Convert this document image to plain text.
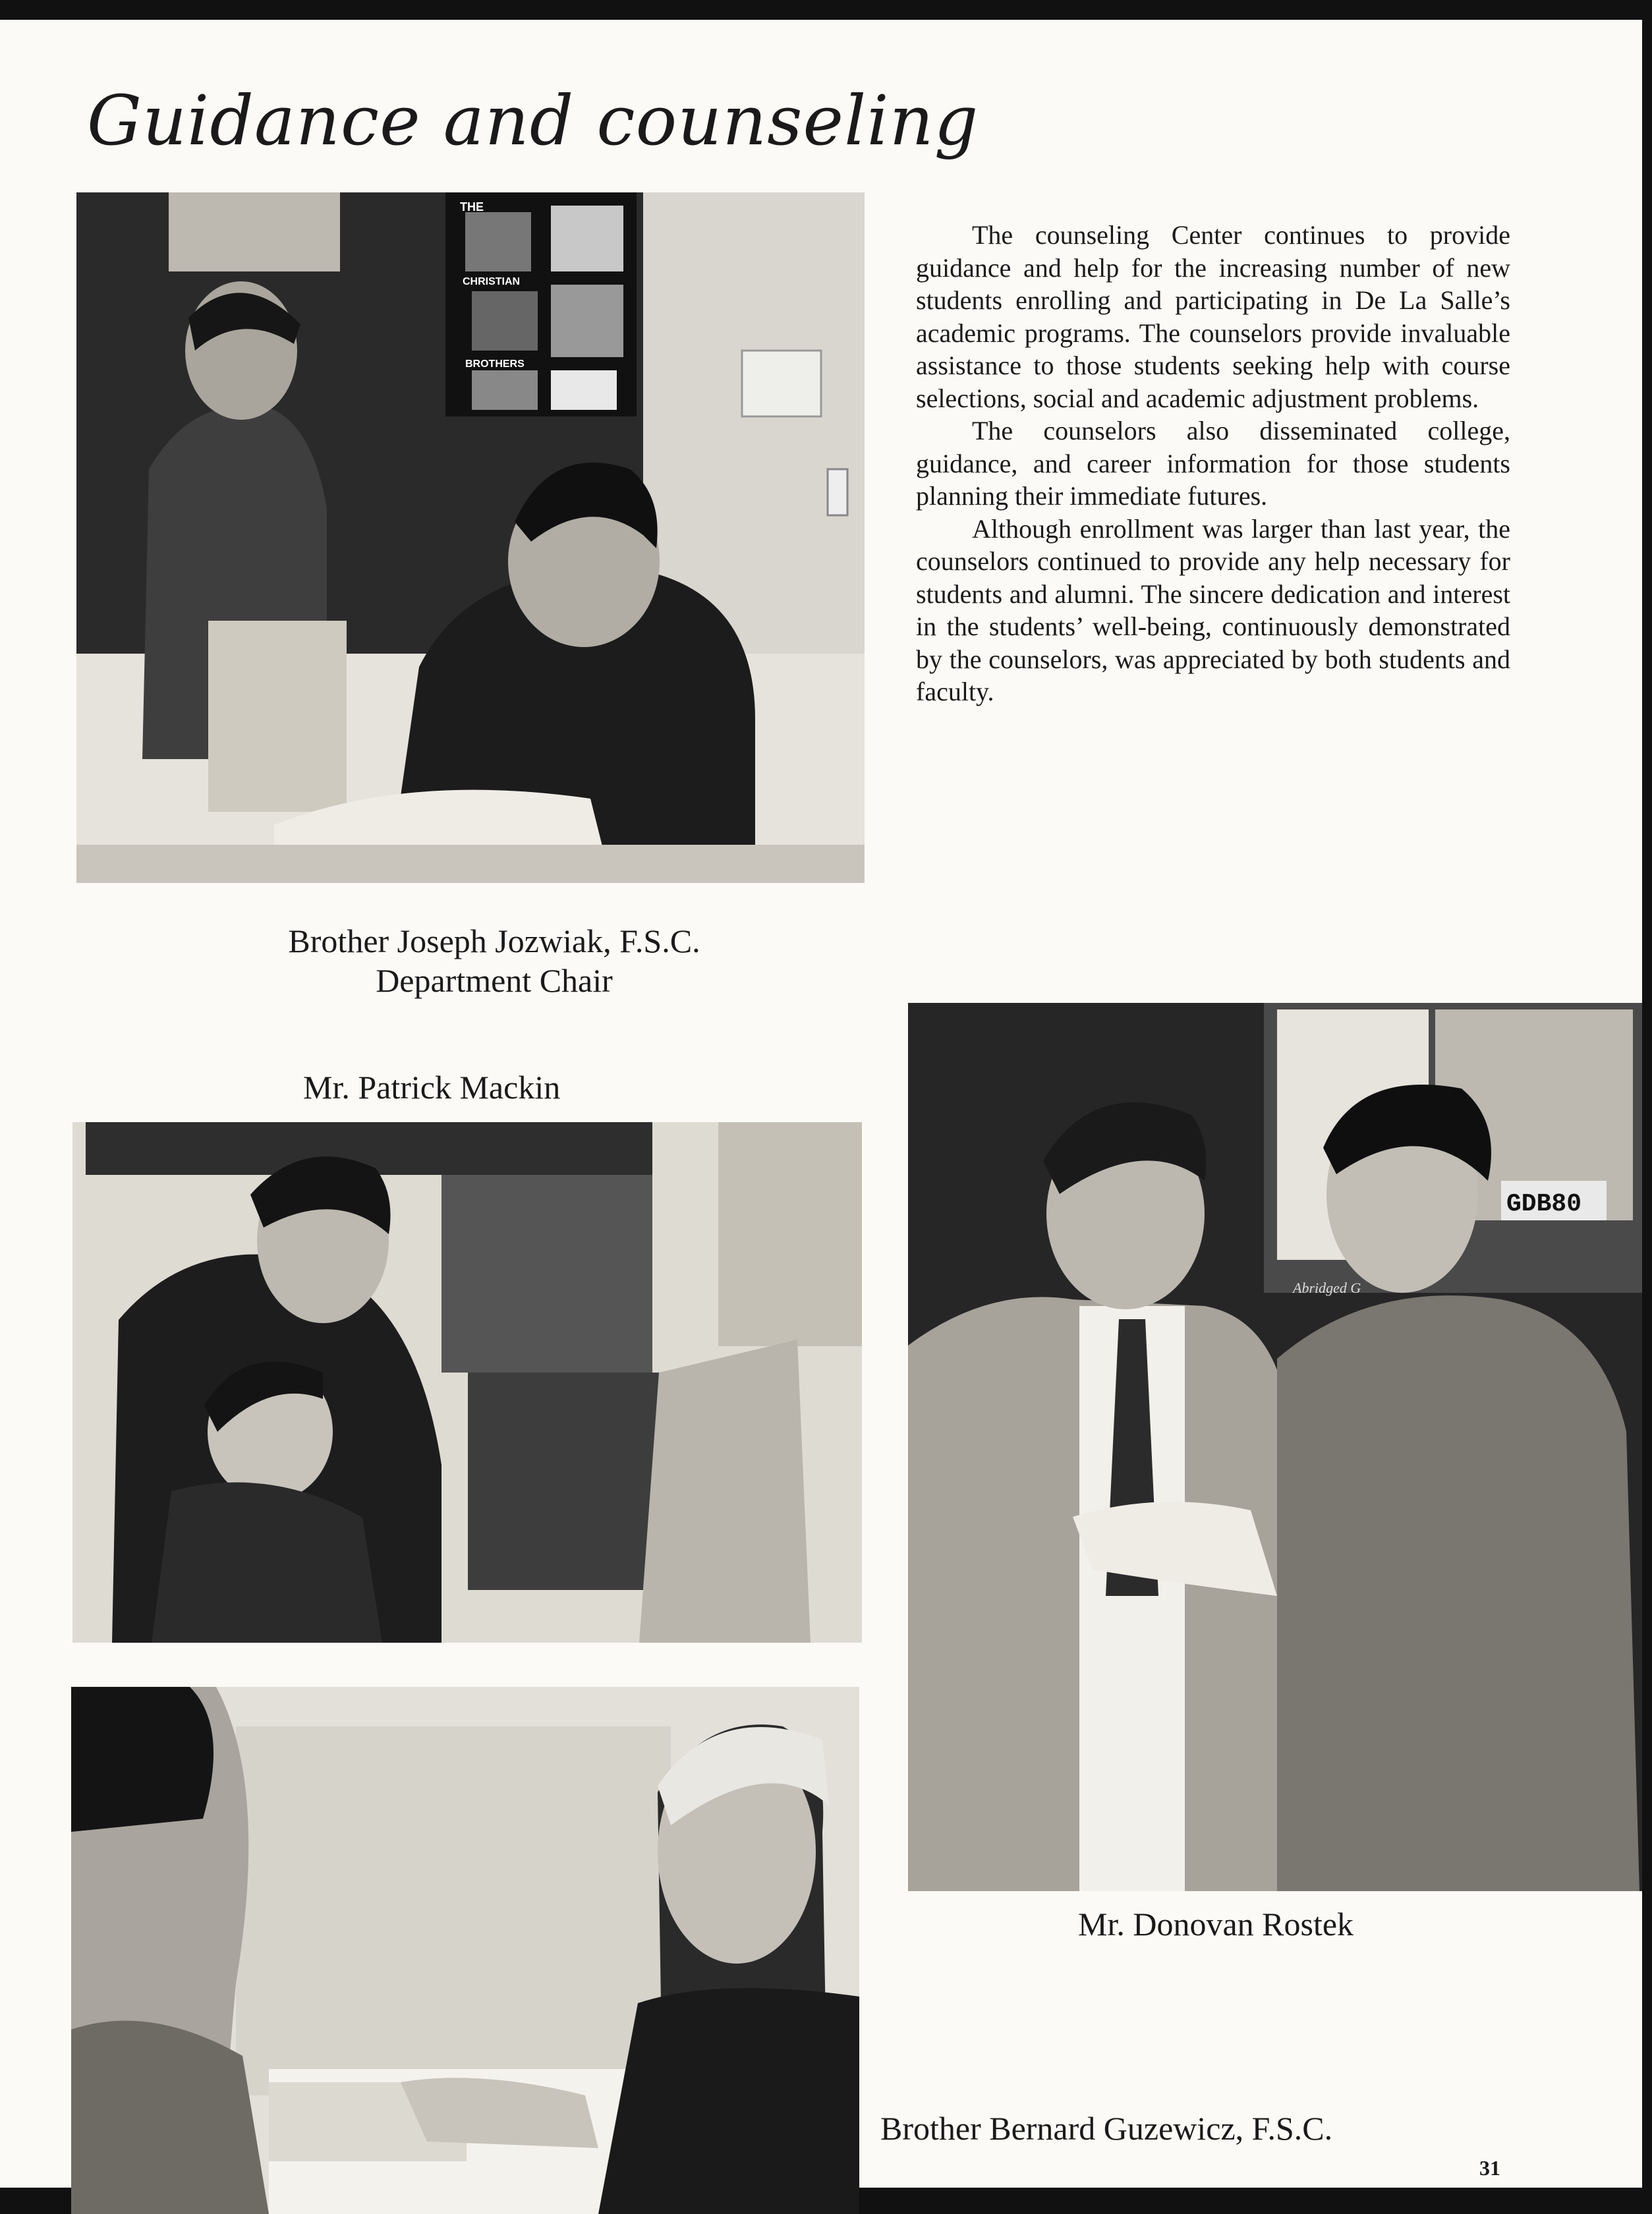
Guidance and counseling
THE
CHRISTIAN
BROTHERS

The counseling Center continues to provide guidance and help for the increasing number of new students enrolling and participating in De La Salle’s academic programs. The counselors provide invaluable assistance to those students seeking help with course selections, social and academic adjustment problems.

The counselors also disseminated college, guidance, and career information for those students planning their immediate futures.

Although enrollment was larger than last year, the counselors continued to provide any help necessary for students and alumni. The sincere dedication and interest in the students’ well-being, continuously demonstrated by the counselors, was appreciated by both students and faculty.

Brother Joseph Jozwiak, F.S.C.
Department Chair
Mr. Patrick Mackin
GDB80
Abridged G
Mr. Donovan Rostek
Brother Bernard Guzewicz, F.S.C.
31
